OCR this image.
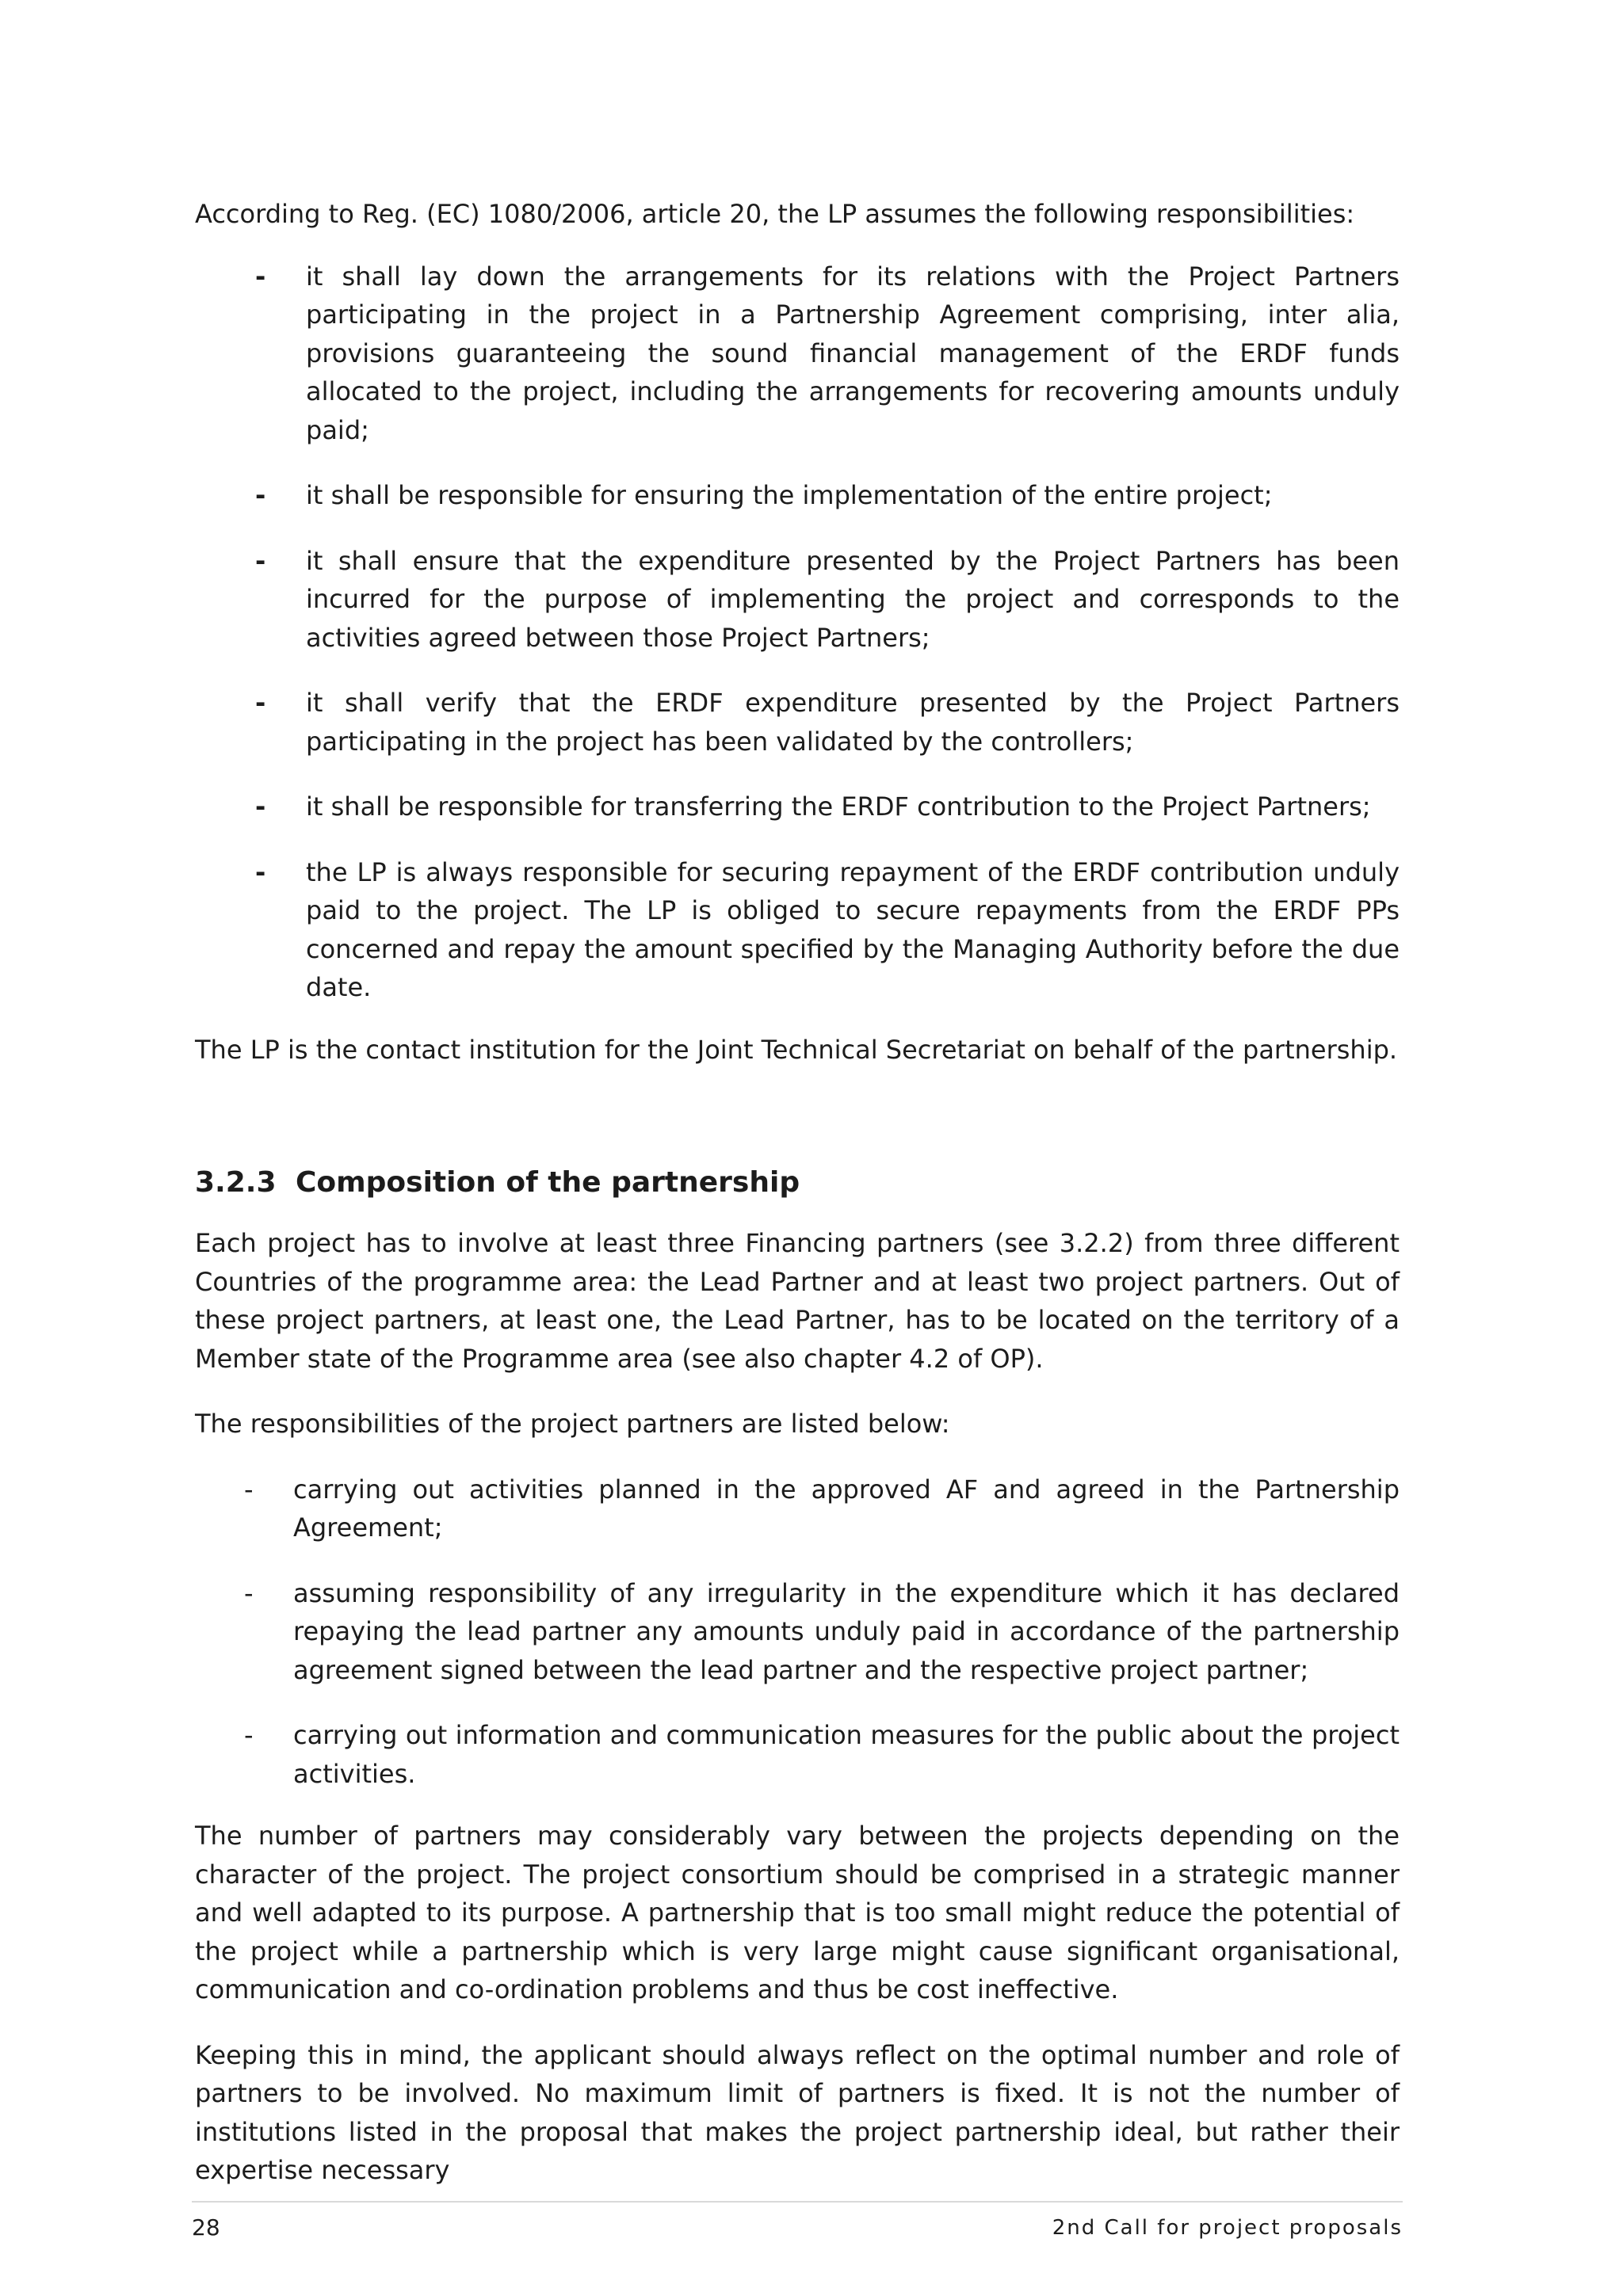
According to Reg. (EC) 1080/2006, article 20, the LP assumes the following responsibilities:

- it shall lay down the arrangements for its relations with the Project Partners participating in the project in a Partnership Agreement comprising, inter alia, provisions guaranteeing the sound financial management of the ERDF funds allocated to the project, including the arrangements for recovering amounts unduly paid;
- it shall be responsible for ensuring the implementation of the entire project;
- it shall ensure that the expenditure presented by the Project Partners has been incurred for the purpose of implementing the project and corresponds to the activities agreed between those Project Partners;
- it shall verify that the ERDF expenditure presented by the Project Partners participating in the project has been validated by the controllers;
- it shall be responsible for transferring the ERDF contribution to the Project Partners;
- the LP is always responsible for securing repayment of the ERDF contribution unduly paid to the project. The LP is obliged to secure repayments from the ERDF PPs concerned and repay the amount specified by the Managing Authority before the due date.

The LP is the contact institution for the Joint Technical Secretariat on behalf of the partnership.

3.2.3 Composition of the partnership

Each project has to involve at least three Financing partners (see 3.2.2) from three different Countries of the programme area: the Lead Partner and at least two project partners. Out of these project partners, at least one, the Lead Partner, has to be located on the territory of a Member state of the Programme area (see also chapter 4.2 of OP).

The responsibilities of the project partners are listed below:

- carrying out activities planned in the approved AF and agreed in the Partnership Agreement;
- assuming responsibility of any irregularity in the expenditure which it has declared repaying the lead partner any amounts unduly paid in accordance of the partnership agreement signed between the lead partner and the respective project partner;
- carrying out information and communication measures for the public about the project activities.

The number of partners may considerably vary between the projects depending on the character of the project. The project consortium should be comprised in a strategic manner and well adapted to its purpose. A partnership that is too small might reduce the potential of the project while a partnership which is very large might cause significant organisational, communication and co-ordination problems and thus be cost ineffective.

Keeping this in mind, the applicant should always reflect on the optimal number and role of partners to be involved. No maximum limit of partners is fixed. It is not the number of institutions listed in the proposal that makes the project partnership ideal, but rather their expertise necessary

28	2nd Call for project proposals
